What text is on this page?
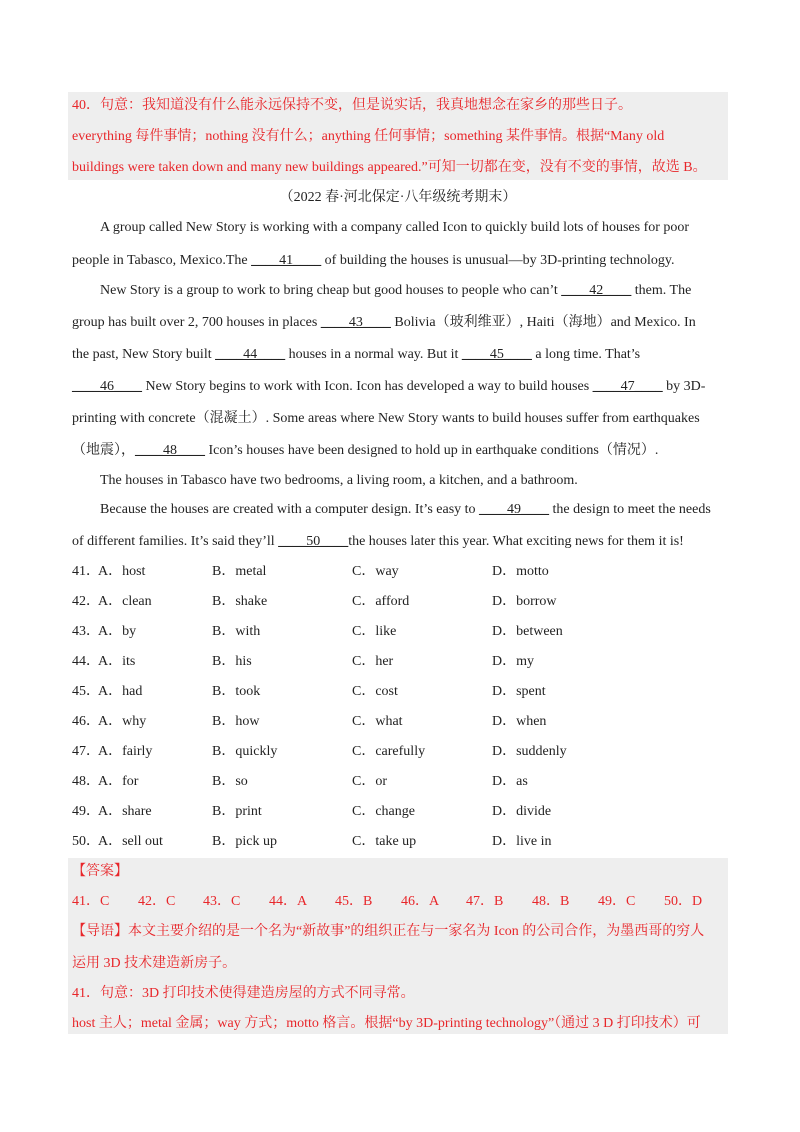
40．句意：我知道没有什么能永远保持不变，但是说实话，我真地想念在家乡的那些日子。
everything 每件事情；nothing 没有什么；anything 任何事情；something 某件事情。根据“Many old
buildings were taken down and many new buildings appeared.”可知一切都在变，没有不变的事情，故选 B。
（2022 春·河北保定·八年级统考期末）
A group called New Story is working with a company called Icon to quickly build lots of houses for poor
people in Tabasco, Mexico.The ____41____ of building the houses is unusual—by 3D-printing technology.
New Story is a group to work to bring cheap but good houses to people who can’t ____42____ them. The
group has built over 2, 700 houses in places ____43____ Bolivia（玻利维亚）, Haiti（海地）and Mexico. In
the past, New Story built ____44____ houses in a normal way. But it ____45____ a long time. That’s
____46____ New Story begins to work with Icon. Icon has developed a way to build houses ____47____ by 3D-
printing with concrete（混凝土）. Some areas where New Story wants to build houses suffer from earthquakes
（地震），____48____ Icon’s houses have been designed to hold up in earthquake conditions（情况）.
The houses in Tabasco have two bedrooms, a living room, a kitchen, and a bathroom.
Because the houses are created with a computer design. It’s easy to ____49____ the design to meet the needs
of different families. It’s said they’ll ____50____the houses later this year. What exciting news for them it is!
41．
A．host	B．metal	C．way	D．motto
42．
A．clean	B．shake	C．afford	D．borrow
43．
A．by	B．with	C．like	D．between
44．
A．its	B．his	C．her	D．my
45．
A．had	B．took	C．cost	D．spent
46．
A．why	B．how	C．what	D．when
47．
A．fairly	B．quickly	C．carefully	D．suddenly
48．
A．for	B．so	C．or	D．as
49．
A．share	B．print	C．change	D．divide
50．
A．sell out	B．pick up	C．take up	D．live in
【答案】
41．C 42．C 43．C 44．A 45．B 46．A 47．B 48．B 49．C 50．D
【导语】本文主要介绍的是一个名为“新故事”的组织正在与一家名为 Icon 的公司合作，为墨西哥的穷人
运用 3D 技术建造新房子。
41．句意：3D 打印技术使得建造房屋的方式不同寻常。
host 主人；metal 金属；way 方式；motto 格言。根据“by 3D-printing technology”（通过 3 D 打印技术）可
